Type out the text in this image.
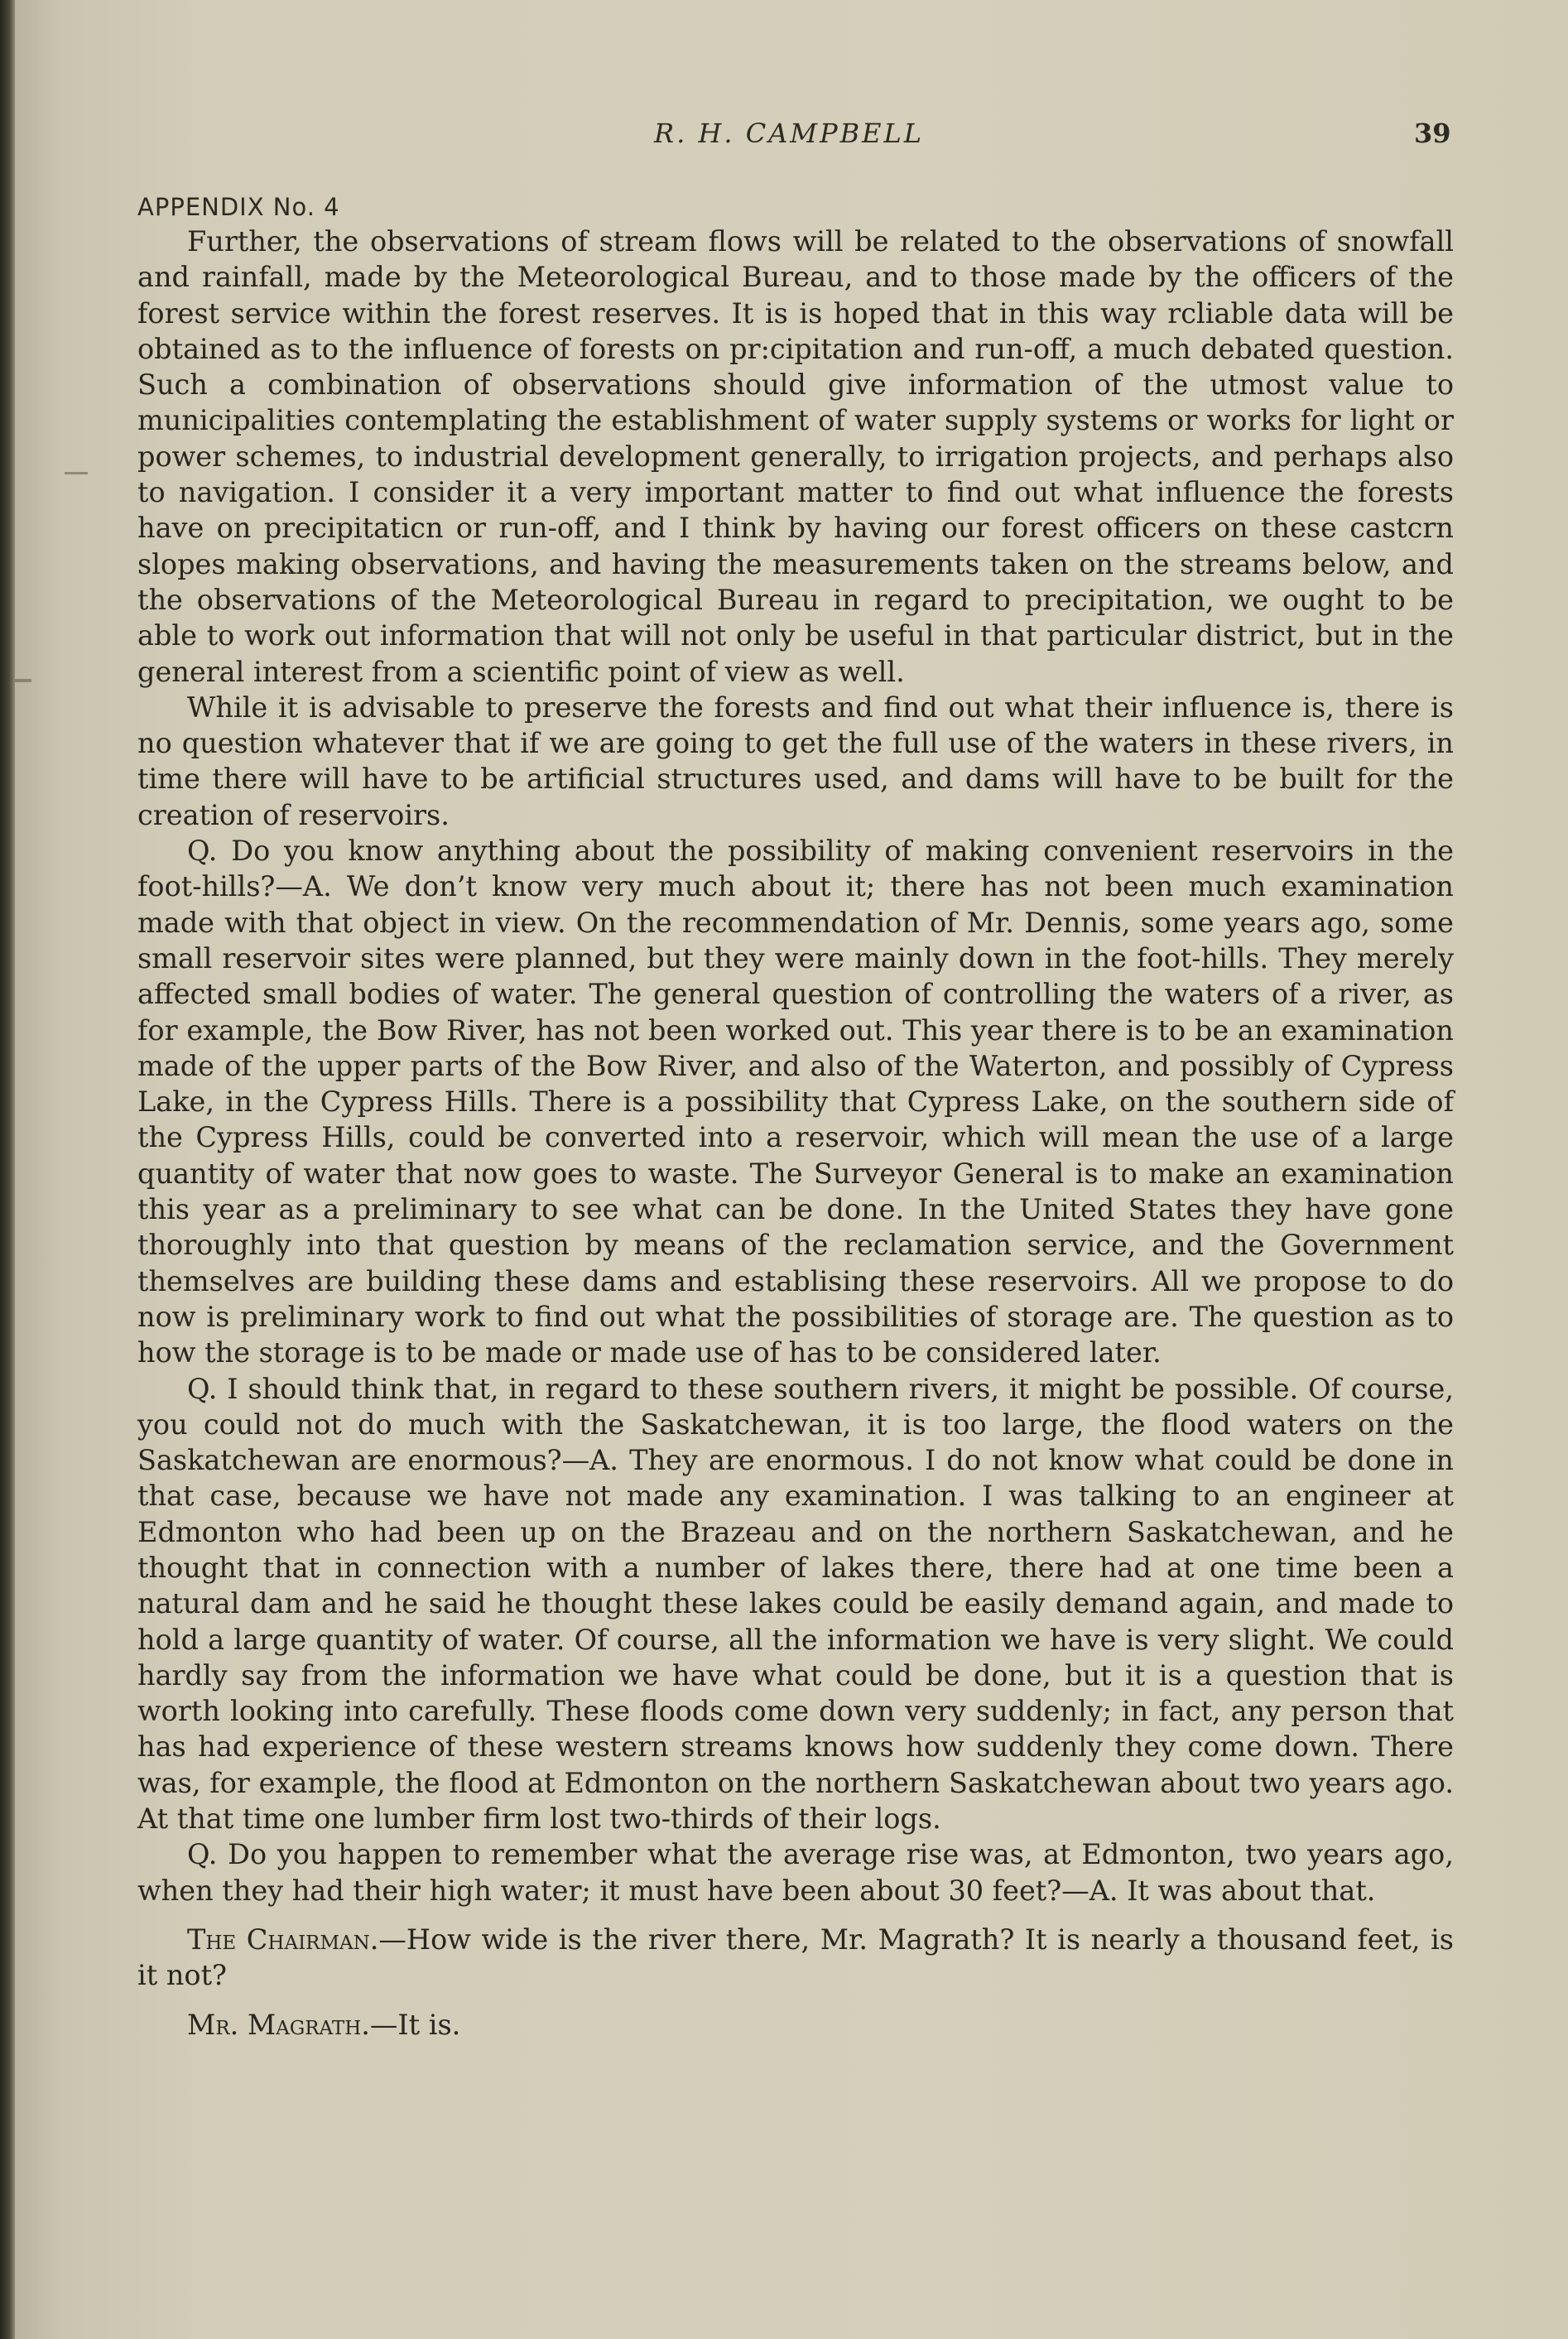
R. H. CAMPBELL	39
APPENDIX No. 4

Further, the observations of stream flows will be related to the observations of snowfall and rainfall, made by the Meteorological Bureau, and to those made by the officers of the forest service within the forest reserves. It is is hoped that in this way rcliable data will be obtained as to the influence of forests on pr:cipitation and run-off, a much debated question. Such a combination of observations should give information of the utmost value to municipalities contemplating the establishment of water supply systems or works for light or power schemes, to industrial development generally, to irrigation projects, and perhaps also to navigation. I consider it a very important matter to find out what influence the forests have on precipitaticn or run-off, and I think by having our forest officers on these castcrn slopes making observations, and having the measurements taken on the streams below, and the observations of the Meteorological Bureau in regard to precipitation, we ought to be able to work out information that will not only be useful in that particular district, but in the general interest from a scientific point of view as well.

While it is advisable to preserve the forests and find out what their influence is, there is no question whatever that if we are going to get the full use of the waters in these rivers, in time there will have to be artificial structures used, and dams will have to be built for the creation of reservoirs.

Q. Do you know anything about the possibility of making convenient reservoirs in the foot-hills?—A. We don’t know very much about it; there has not been much examination made with that object in view. On the recommendation of Mr. Dennis, some years ago, some small reservoir sites were planned, but they were mainly down in the foot-hills. They merely affected small bodies of water. The general question of controlling the waters of a river, as for example, the Bow River, has not been worked out. This year there is to be an examination made of the upper parts of the Bow River, and also of the Waterton, and possibly of Cypress Lake, in the Cypress Hills. There is a possibility that Cypress Lake, on the southern side of the Cypress Hills, could be converted into a reservoir, which will mean the use of a large quantity of water that now goes to waste. The Surveyor General is to make an examination this year as a preliminary to see what can be done. In the United States they have gone thoroughly into that question by means of the reclamation service, and the Government themselves are building these dams and establising these reservoirs. All we propose to do now is preliminary work to find out what the possibilities of storage are. The question as to how the storage is to be made or made use of has to be considered later.

Q. I should think that, in regard to these southern rivers, it might be possible. Of course, you could not do much with the Saskatchewan, it is too large, the flood waters on the Saskatchewan are enormous?—A. They are enormous. I do not know what could be done in that case, because we have not made any examination. I was talking to an engineer at Edmonton who had been up on the Brazeau and on the northern Saskatchewan, and he thought that in connection with a number of lakes there, there had at one time been a natural dam and he said he thought these lakes could be easily demand again, and made to hold a large quantity of water. Of course, all the information we have is very slight. We could hardly say from the information we have what could be done, but it is a question that is worth looking into carefully. These floods come down very suddenly; in fact, any person that has had experience of these western streams knows how suddenly they come down. There was, for example, the flood at Edmonton on the northern Saskatchewan about two years ago. At that time one lumber firm lost two-thirds of their logs.

Q. Do you happen to remember what the average rise was, at Edmonton, two years ago, when they had their high water; it must have been about 30 feet?—A. It was about that.

The Chairman.—How wide is the river there, Mr. Magrath? It is nearly a thousand feet, is it not?

Mr. Magrath.—It is.
